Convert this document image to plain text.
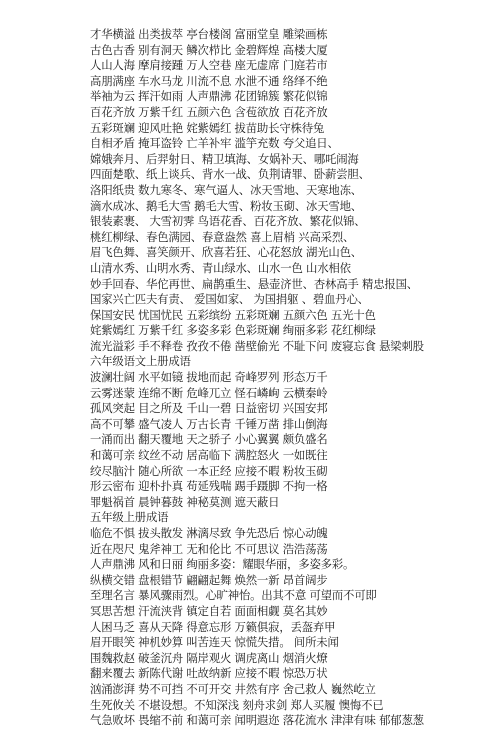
才华横溢 出类拔萃 亭台楼阁 富丽堂皇 雕梁画栋
古色古香 别有洞天 鳞次栉比 金碧辉煌 高楼大厦
人山人海 摩肩接踵 万人空巷 座无虚席 门庭若市
高朋满座 车水马龙 川流不息 水泄不通 络绎不绝
举袖为云 挥汗如雨 人声鼎沸 花团锦簇 繁花似锦
百花齐放 万紫千红 五颜六色 含苞欲放 百花齐放
五彩斑斓 迎风吐艳 姹紫嫣红 拔苗助长守株待兔
自相矛盾 掩耳盗铃 亡羊补牢 滥竽充数 夸父追日、
嫦娥奔月、后羿射日、精卫填海、女娲补天、哪吒闹海
四面楚歌、纸上谈兵、背水一战、负荆请罪、卧薪尝胆、
洛阳纸贵 数九寒冬、寒气逼人、冰天雪地、天寒地冻、
滴水成冰、鹅毛大雪 鹅毛大雪、粉妆玉砌、冰天雪地、
银装素裹、 大雪初霁 鸟语花香、百花齐放、繁花似锦、
桃红柳绿、春色满园、春意盎然 喜上眉梢 兴高采烈、
眉飞色舞、喜笑颜开、欣喜若狂、心花怒放 湖光山色、
山清水秀、山明水秀、青山绿水、山水一色 山水相依
妙手回春、华佗再世、扁鹊重生、悬壶济世、杏林高手 精忠报国、
国家兴亡匹夫有责、 爱国如家、 为国捐躯 、碧血丹心、
保国安民 忧国忧民 五彩缤纷 五彩斑斓 五颜六色 五光十色
姹紫嫣红 万紫千红 多姿多彩 色彩斑斓 绚丽多彩 花红柳绿
流光溢彩 手不释卷 孜孜不倦 凿壁偷光 不耻下问 废寝忘食 悬梁刺股
六年级语文上册成语
波澜壮阔 水平如镜 拔地而起 奇峰罗列 形态万千
云雾迷蒙 连绵不断 危峰兀立 怪石嶙峋 云横秦岭
孤风突起 目之所及 千山一碧 日益密切 兴国安邦
高不可攀 盛气凌人 万古长青 千锤万凿 排山倒海
一涌而出 翻天覆地 天之骄子 小心翼翼 颇负盛名
和蔼可亲 纹丝不动 居高临下 满腔怒火 一如既往
绞尽脑汁 随心所欲 一本正经 应接不暇 粉妆玉砌
形云密布 迎朴扑真 苟延残喘 踢手蹑脚 不拘一格
罪魁祸首 晨钟暮鼓 神秘莫测 遮天蔽日
五年级上册成语
临危不惧 拔头散发 淋漓尽致 争先恐后 惊心动魄
近在咫尺 鬼斧神工 无和伦比 不可思议 浩浩荡荡
人声鼎沸 风和日丽 绚丽多姿：耀眼华丽，多姿多彩。
纵横交错 盘根错节 翩翩起舞 焕然一新 昂首阔步
至理名言 暴风骤雨烈。心旷神怡。出其不意 可望而不可即
冥思苦想 汗流浃背 镇定自若 面面相觑 莫名其妙
人困马乏 喜从天降 得意忘形 万籁俱寂，丢盔弃甲
眉开眼笑 神机妙算 叫苦连天 惊慌失措。 间所未闻
围魏救赵 破釜沉舟 隔岸观火 调虎离山 烟消火燎
翻来覆去 新陈代谢 吐故纳新 应接不暇 惊恐万状
汹涌澎湃 势不可挡 不可开交 井然有序 舍己救人 巍然屹立
生死攸关 不堪设想。不知深浅 刻舟求剑 郑人买履 懊悔不已
气急败坏 畏缩不前 和蔼可亲 闻明遐迩 落花流水 津津有味 郁郁葱葱
